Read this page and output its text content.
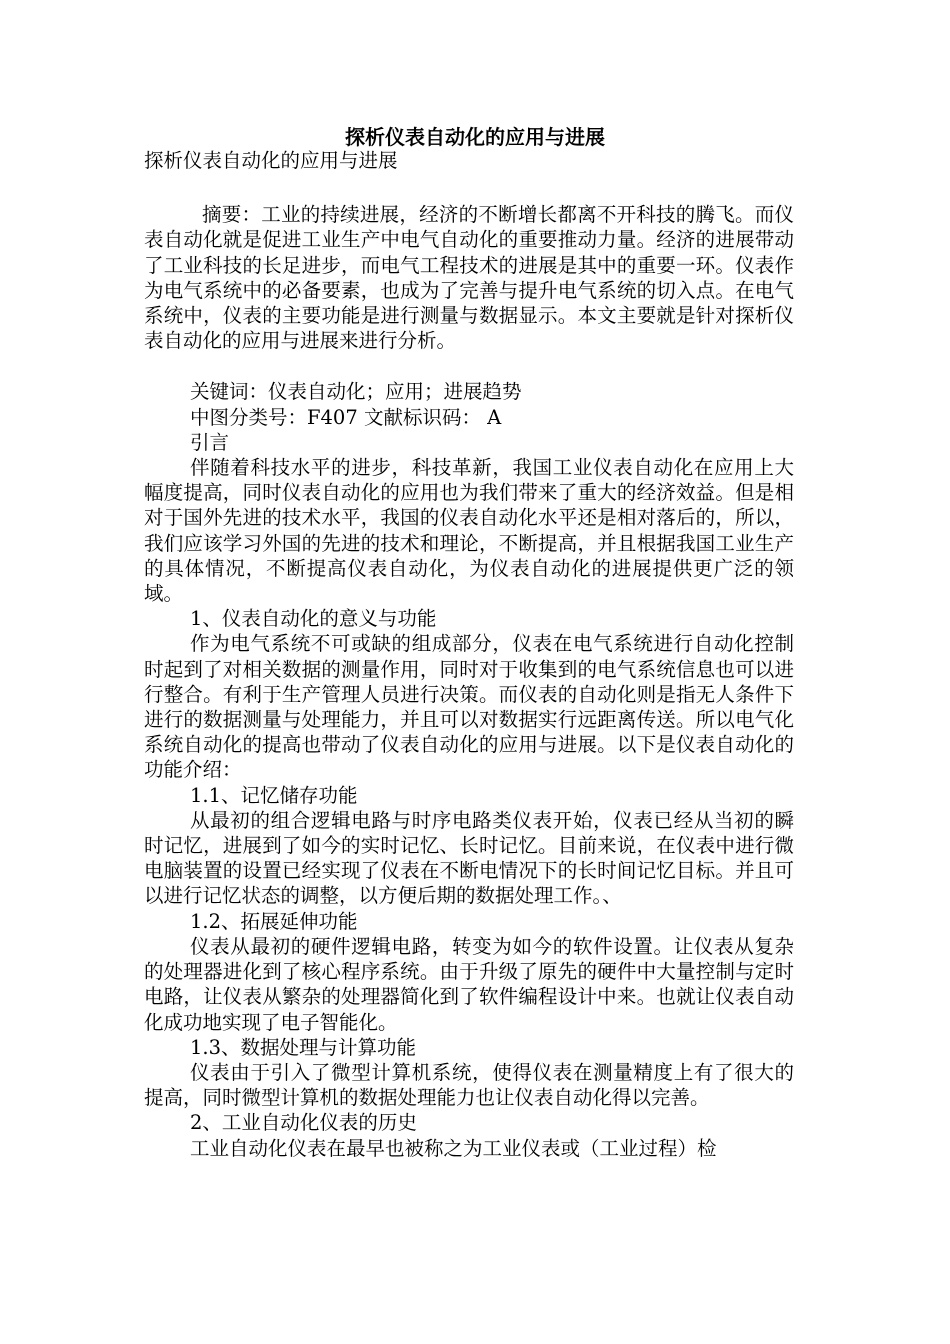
探析仪表自动化的应用与进展

探析仪表自动化的应用与进展

摘要：工业的持续进展，经济的不断增长都离不开科技的腾飞。而仪表自动化就是促进工业生产中电气自动化的重要推动力量。经济的进展带动了工业科技的长足进步，而电气工程技术的进展是其中的重要一环。仪表作为电气系统中的必备要素，也成为了完善与提升电气系统的切入点。在电气系统中，仪表的主要功能是进行测量与数据显示。本文主要就是针对探析仪表自动化的应用与进展来进行分析。

关键词：仪表自动化；应用；进展趋势

中图分类号：F407 文献标识码： A

引言

伴随着科技水平的进步，科技革新，我国工业仪表自动化在应用上大幅度提高，同时仪表自动化的应用也为我们带来了重大的经济效益。但是相对于国外先进的技术水平，我国的仪表自动化水平还是相对落后的，所以，我们应该学习外国的先进的技术和理论，不断提高，并且根据我国工业生产的具体情况，不断提高仪表自动化，为仪表自动化的进展提供更广泛的领域。

1、仪表自动化的意义与功能

作为电气系统不可或缺的组成部分，仪表在电气系统进行自动化控制时起到了对相关数据的测量作用，同时对于收集到的电气系统信息也可以进行整合。有利于生产管理人员进行决策。而仪表的自动化则是指无人条件下进行的数据测量与处理能力，并且可以对数据实行远距离传送。所以电气化系统自动化的提高也带动了仪表自动化的应用与进展。以下是仪表自动化的功能介绍：

1.1、记忆储存功能

从最初的组合逻辑电路与时序电路类仪表开始，仪表已经从当初的瞬时记忆，进展到了如今的实时记忆、长时记忆。目前来说，在仪表中进行微电脑装置的设置已经实现了仪表在不断电情况下的长时间记忆目标。并且可以进行记忆状态的调整，以方便后期的数据处理工作。、

1.2、拓展延伸功能

仪表从最初的硬件逻辑电路，转变为如今的软件设置。让仪表从复杂的处理器进化到了核心程序系统。由于升级了原先的硬件中大量控制与定时电路，让仪表从繁杂的处理器简化到了软件编程设计中来。也就让仪表自动化成功地实现了电子智能化。

1.3、数据处理与计算功能

仪表由于引入了微型计算机系统，使得仪表在测量精度上有了很大的提高，同时微型计算机的数据处理能力也让仪表自动化得以完善。

2、工业自动化仪表的历史

工业自动化仪表在最早也被称之为工业仪表或（工业过程）检
